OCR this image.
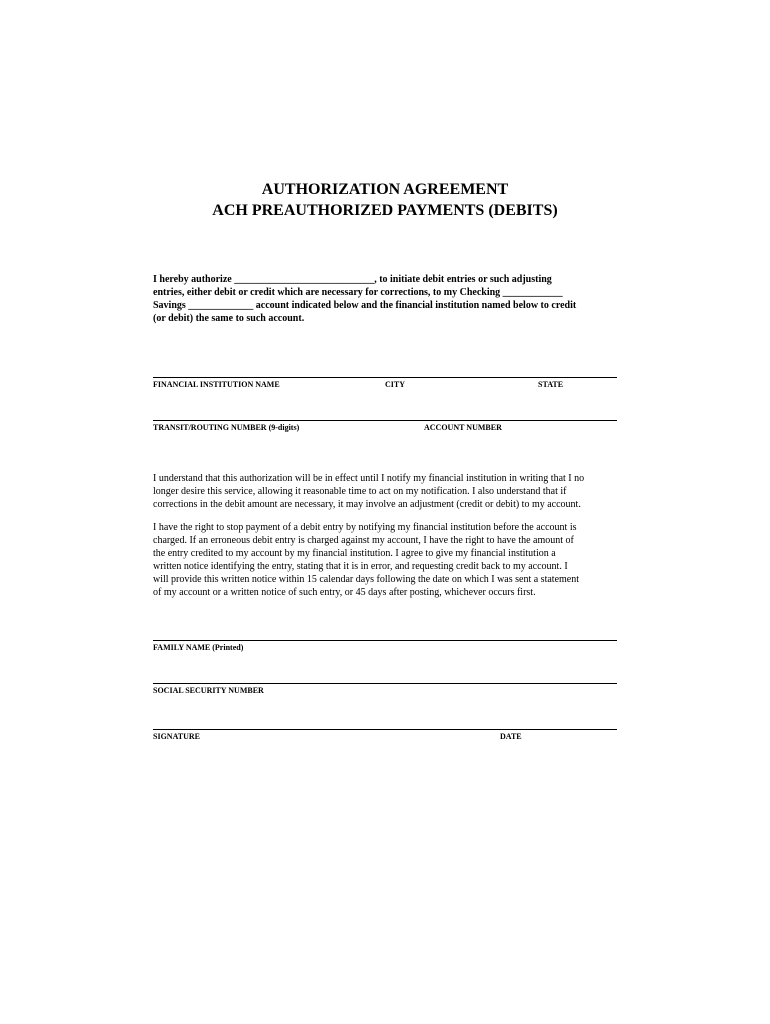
AUTHORIZATION AGREEMENT
ACH PREAUTHORIZED PAYMENTS (DEBITS)

I hereby authorize ____________________________, to initiate debit entries or such adjusting
entries, either debit or credit which are necessary for corrections, to my Checking ____________
Savings _____________ account indicated below and the financial institution named below to credit
(or debit) the same to such account.

FINANCIAL INSTITUTION NAME	CITY	STATE
TRANSIT/ROUTING NUMBER (9-digits)	ACCOUNT NUMBER

I understand that this authorization will be in effect until I notify my financial institution in writing that I no
longer desire this service, allowing it reasonable time to act on my notification. I also understand that if
corrections in the debit amount are necessary, it may involve an adjustment (credit or debit) to my account.

I have the right to stop payment of a debit entry by notifying my financial institution before the account is
charged. If an erroneous debit entry is charged against my account, I have the right to have the amount of
the entry credited to my account by my financial institution. I agree to give my financial institution a
written notice identifying the entry, stating that it is in error, and requesting credit back to my account. I
will provide this written notice within 15 calendar days following the date on which I was sent a statement
of my account or a written notice of such entry, or 45 days after posting, whichever occurs first.

FAMILY NAME (Printed)
SOCIAL SECURITY NUMBER
SIGNATURE	DATE
